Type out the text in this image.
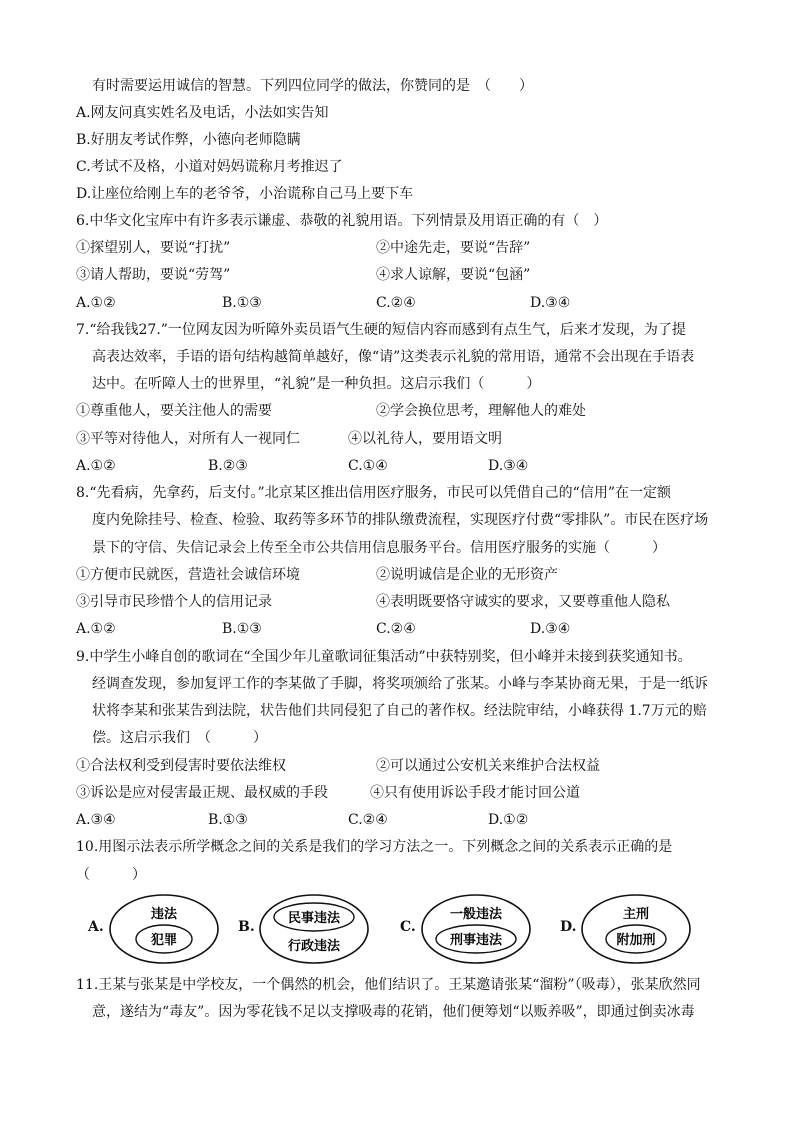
有时需要运用诚信的智慧。下列四位同学的做法，你赞同的是　（　　）
A.网友问真实姓名及电话，小法如实告知
B.好朋友考试作弊，小德向老师隐瞒
C.考试不及格，小道对妈妈谎称月考推迟了
D.让座位给刚上车的老爷爷，小治谎称自己马上要下车
6.中华文化宝库中有许多表示谦虚、恭敬的礼貌用语。下列情景及用语正确的有（　）
①探望别人，要说“打扰”	②中途先走，要说“告辞”
③请人帮助，要说“劳驾”	④求人谅解，要说“包涵”
A.①②	B.①③	C.②④	D.③④
7.“给我钱27.”一位网友因为听障外卖员语气生硬的短信内容而感到有点生气，后来才发现，为了提
高表达效率，手语的语句结构越简单越好，像“请”这类表示礼貌的常用语，通常不会出现在手语表
达中。在听障人士的世界里，“礼貌”是一种负担。这启示我们（　　　）
①尊重他人，要关注他人的需要	②学会换位思考，理解他人的难处
③平等对待他人，对所有人一视同仁	④以礼待人，要用语文明
A.①②	B.②③	C.①④	D.③④
8.“先看病，先拿药，后支付。”北京某区推出信用医疗服务，市民可以凭借自己的“信用”在一定额
度内免除挂号、检查、检验、取药等多环节的排队缴费流程，实现医疗付费“零排队”。市民在医疗场
景下的守信、失信记录会上传至全市公共信用信息服务平台。信用医疗服务的实施（　　　）
①方便市民就医，营造社会诚信环境	②说明诚信是企业的无形资产
③引导市民珍惜个人的信用记录	④表明既要恪守诚实的要求，又要尊重他人隐私
A.①②	B.①③	C.②④	D.③④
9.中学生小峰自创的歌词在“全国少年儿童歌词征集活动”中获特别奖，但小峰并未接到获奖通知书。
经调查发现，参加复评工作的李某做了手脚，将奖项颁给了张某。小峰与李某协商无果，于是一纸诉
状将李某和张某告到法院，状告他们共同侵犯了自己的著作权。经法院审结，小峰获得 1.7万元的赔
偿。这启示我们　（　　　）
①合法权利受到侵害时要依法维权	②可以通过公安机关来维护合法权益
③诉讼是应对侵害最正规、最权威的手段	④只有使用诉讼手段才能讨回公道
A.③④	B.①③	C.②④	D.①②
10.用图示法表示所学概念之间的关系是我们的学习方法之一。下列概念之间的关系表示正确的是
（　　　）
A.
违法
犯罪
B.
民事违法
行政违法
C.
一般违法
刑事违法
D.
主刑
附加刑
11.王某与张某是中学校友，一个偶然的机会，他们结识了。王某邀请张某“溜粉”（吸毒），张某欣然同
意，遂结为“毒友”。因为零花钱不足以支撑吸毒的花销，他们便筹划“以贩养吸”，即通过倒卖冰毒
